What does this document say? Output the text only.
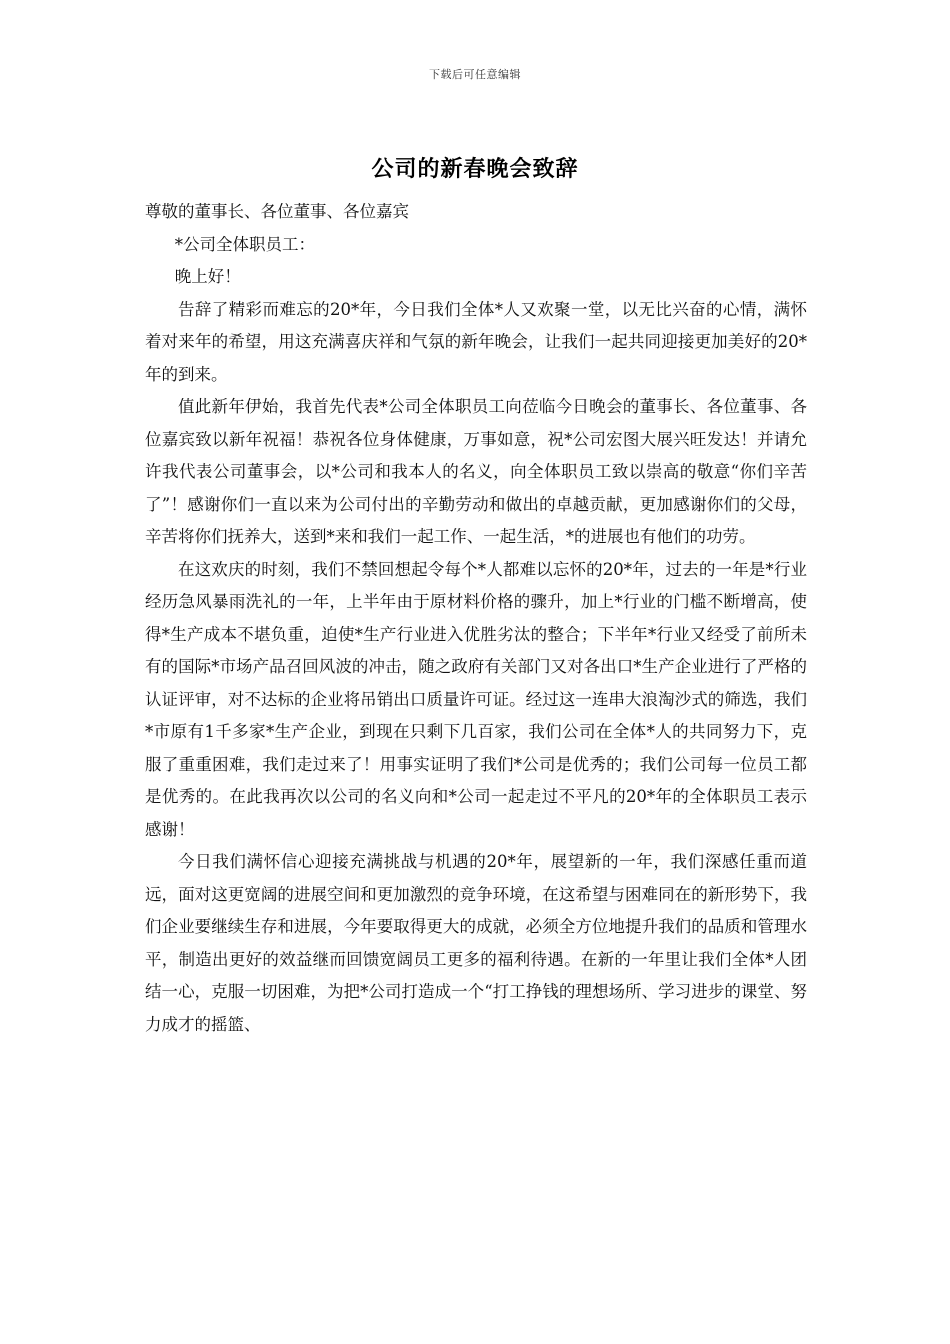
下载后可任意编辑
公司的新春晚会致辞

尊敬的董事长、各位董事、各位嘉宾

*公司全体职员工：

晚上好！

告辞了精彩而难忘的20*年，今日我们全体*人又欢聚一堂，以无比兴奋的心情，满怀着对来年的希望，用这充满喜庆祥和气氛的新年晚会，让我们一起共同迎接更加美好的20*年的到来。

值此新年伊始，我首先代表*公司全体职员工向莅临今日晚会的董事长、各位董事、各位嘉宾致以新年祝福！恭祝各位身体健康，万事如意，祝*公司宏图大展兴旺发达！并请允许我代表公司董事会，以*公司和我本人的名义，向全体职员工致以崇高的敬意“你们辛苦了”！感谢你们一直以来为公司付出的辛勤劳动和做出的卓越贡献，更加感谢你们的父母，辛苦将你们抚养大，送到*来和我们一起工作、一起生活，*的进展也有他们的功劳。

在这欢庆的时刻，我们不禁回想起令每个*人都难以忘怀的20*年，过去的一年是*行业经历急风暴雨洗礼的一年，上半年由于原材料价格的骤升，加上*行业的门槛不断增高，使得*生产成本不堪负重，迫使*生产行业进入优胜劣汰的整合；下半年*行业又经受了前所未有的国际*市场产品召回风波的冲击，随之政府有关部门又对各出口*生产企业进行了严格的认证评审，对不达标的企业将吊销出口质量许可证。经过这一连串大浪淘沙式的筛选，我们*市原有1千多家*生产企业，到现在只剩下几百家，我们公司在全体*人的共同努力下，克服了重重困难，我们走过来了！用事实证明了我们*公司是优秀的；我们公司每一位员工都是优秀的。在此我再次以公司的名义向和*公司一起走过不平凡的20*年的全体职员工表示感谢！

今日我们满怀信心迎接充满挑战与机遇的20*年，展望新的一年，我们深感任重而道远，面对这更宽阔的进展空间和更加激烈的竞争环境，在这希望与困难同在的新形势下，我们企业要继续生存和进展，今年要取得更大的成就，必须全方位地提升我们的品质和管理水平，制造出更好的效益继而回馈宽阔员工更多的福利待遇。在新的一年里让我们全体*人团结一心，克服一切困难，为把*公司打造成一个“打工挣钱的理想场所、学习进步的课堂、努力成才的摇篮、
